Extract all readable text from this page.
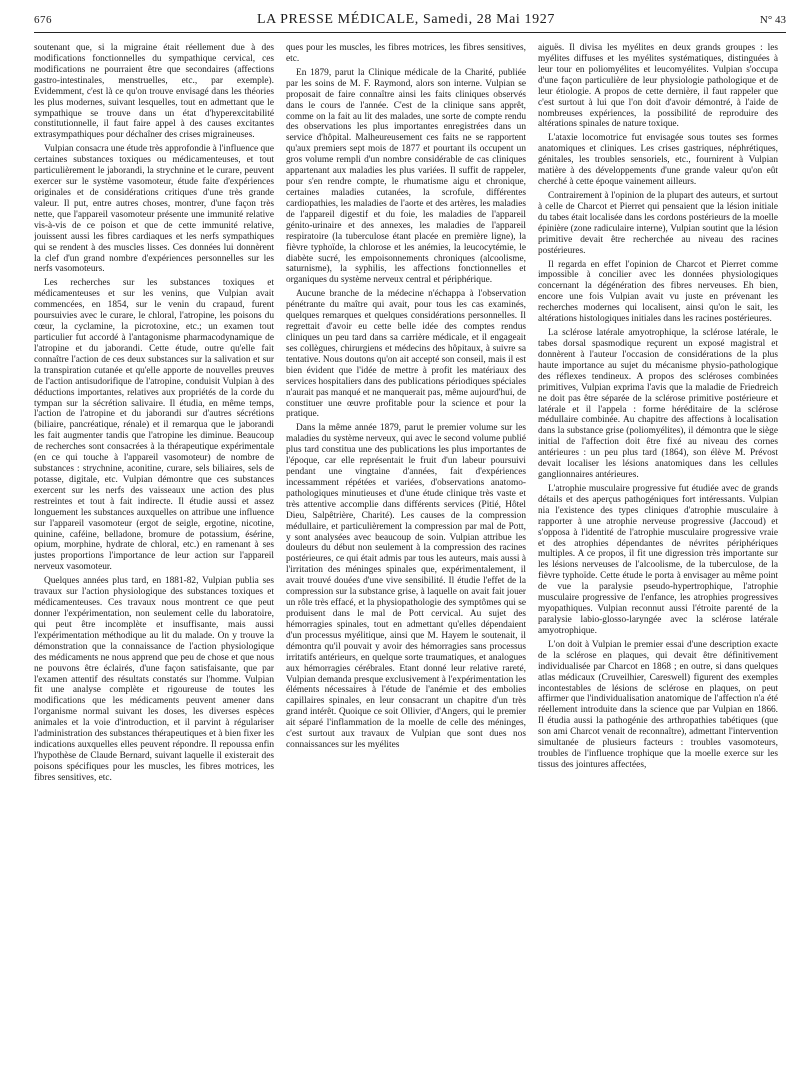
676	LA PRESSE MÉDICALE, Samedi, 28 Mai 1927	N° 43

soutenant que, si la migraine était réellement due à des modifications fonctionnelles du sympathique cervical, ces modifications ne pourraient être que secondaires (affections gastro-intestinales, menstruelles, etc., par exemple). Evidemment, c'est là ce qu'on trouve envisagé dans les théories les plus modernes, suivant lesquelles, tout en admettant que le sympathique se trouve dans un état d'hyperexcitabilité constitutionnelle, il faut faire appel à des causes excitantes extrasympathiques pour déchaîner des crises migraineuses.

Vulpian consacra une étude très approfondie à l'influence que certaines substances toxiques ou médicamenteuses, et tout particulièrement le jaborandi, la strychnine et le curare, peuvent exercer sur le système vasomoteur, étude faite d'expériences originales et de considérations critiques d'une très grande valeur. Il put, entre autres choses, montrer, d'une façon très nette, que l'appareil vasomoteur présente une immunité relative vis-à-vis de ce poison et que de cette immunité relative, jouissent aussi les fibres cardiaques et les nerfs sympathiques qui se rendent à des muscles lisses. Ces données lui donnèrent la clef d'un grand nombre d'expériences personnelles sur les nerfs vasomoteurs.

Les recherches sur les substances toxiques et médicamenteuses et sur les venins, que Vulpian avait commencées, en 1854, sur le venin du crapaud, furent poursuivies avec le curare, le chloral, l'atropine, les poisons du cœur, la cyclamine, la picrotoxine, etc.; un examen tout particulier fut accordé à l'antagonisme pharmacodynamique de l'atropine et du jaborandi. Cette étude, outre qu'elle fait connaître l'action de ces deux substances sur la salivation et sur la transpiration cutanée et qu'elle apporte de nouvelles preuves de l'action antisudorifique de l'atropine, conduisit Vulpian à des déductions importantes, relatives aux propriétés de la corde du tympan sur la sécrétion salivaire. Il étudia, en même temps, l'action de l'atropine et du jaborandi sur d'autres sécrétions (biliaire, pancréatique, rénale) et il remarqua que le jaborandi les fait augmenter tandis que l'atropine les diminue. Beaucoup de recherches sont consacrées à la thérapeutique expérimentale (en ce qui touche à l'appareil vasomoteur) de nombre de substances : strychnine, aconitine, curare, sels biliaires, sels de potasse, digitale, etc. Vulpian démontre que ces substances exercent sur les nerfs des vaisseaux une action des plus restreintes et tout à fait indirecte. Il étudie aussi et assez longuement les substances auxquelles on attribue une influence sur l'appareil vasomoteur (ergot de seigle, ergotine, nicotine, quinine, caféine, belladone, bromure de potassium, ésérine, opium, morphine, hydrate de chloral, etc.) en ramenant à ses justes proportions l'importance de leur action sur l'appareil nerveux vasomoteur.

Quelques années plus tard, en 1881-82, Vulpian publia ses travaux sur l'action physiologique des substances toxiques et médicamenteuses. Ces travaux nous montrent ce que peut donner l'expérimentation, non seulement celle du laboratoire, qui peut être incomplète et insuffisante, mais aussi l'expérimentation méthodique au lit du malade. On y trouve la démonstration que la connaissance de l'action physiologique des médicaments ne nous apprend que peu de chose et que nous ne pouvons être éclairés, d'une façon satisfaisante, que par l'examen attentif des résultats constatés sur l'homme. Vulpian fit une analyse complète et rigoureuse de toutes les modifications que les médicaments peuvent amener dans l'organisme normal suivant les doses, les diverses espèces animales et la voie d'introduction, et il parvint à régulariser l'administration des substances thérapeutiques et à bien fixer les indications auxquelles elles peuvent répondre. Il repoussa enfin l'hypothèse de Claude Bernard, suivant laquelle il existerait des poisons spécifiques pour les muscles, les fibres motrices, les fibres sensitives, etc.

ques pour les muscles, les fibres motrices, les fibres sensitives, etc.

En 1879, parut la Clinique médicale de la Charité, publiée par les soins de M. F. Raymond, alors son interne. Vulpian se proposait de faire connaître ainsi les faits cliniques observés dans le cours de l'année. C'est de la clinique sans apprêt, comme on la fait au lit des malades, une sorte de compte rendu des observations les plus importantes enregistrées dans un service d'hôpital. Malheureusement ces faits ne se rapportent qu'aux premiers sept mois de 1877 et pourtant ils occupent un gros volume rempli d'un nombre considérable de cas cliniques appartenant aux maladies les plus variées. Il suffit de rappeler, pour s'en rendre compte, le rhumatisme aigu et chronique, certaines maladies cutanées, la scrofule, différentes cardiopathies, les maladies de l'aorte et des artères, les maladies de l'appareil digestif et du foie, les maladies de l'appareil génito-urinaire et des annexes, les maladies de l'appareil respiratoire (la tuberculose étant placée en première ligne), la fièvre typhoïde, la chlorose et les anémies, la leucocytémie, le diabète sucré, les empoisonnements chroniques (alcoolisme, saturnisme), la syphilis, les affections fonctionnelles et organiques du système nerveux central et périphérique.

Aucune branche de la médecine n'échappa à l'observation pénétrante du maître qui avait, pour tous les cas examinés, quelques remarques et quelques considérations personnelles. Il regrettait d'avoir eu cette belle idée des comptes rendus cliniques un peu tard dans sa carrière médicale, et il engageait ses collègues, chirurgiens et médecins des hôpitaux, à suivre sa tentative. Nous doutons qu'on ait accepté son conseil, mais il est bien évident que l'idée de mettre à profit les matériaux des services hospitaliers dans des publications périodiques spéciales n'aurait pas manqué et ne manquerait pas, même aujourd'hui, de constituer une œuvre profitable pour la science et pour la pratique.

Dans la même année 1879, parut le premier volume sur les maladies du système nerveux, qui avec le second volume publié plus tard constitua une des publications les plus importantes de l'époque, car elle représentait le fruit d'un labeur poursuivi pendant une vingtaine d'années, fait d'expériences incessamment répétées et variées, d'observations anatomo-pathologiques minutieuses et d'une étude clinique très vaste et très attentive accomplie dans différents services (Pitié, Hôtel Dieu, Salpêtrière, Charité). Les causes de la compression médullaire, et particulièrement la compression par mal de Pott, y sont analysées avec beaucoup de soin. Vulpian attribue les douleurs du début non seulement à la compression des racines postérieures, ce qui était admis par tous les auteurs, mais aussi à l'irritation des méninges spinales que, expérimentalement, il avait trouvé douées d'une vive sensibilité. Il étudie l'effet de la compression sur la substance grise, à laquelle on avait fait jouer un rôle très effacé, et la physiopathologie des symptômes qui se produisent dans le mal de Pott cervical. Au sujet des hémorragies spinales, tout en admettant qu'elles dépendaient d'un processus myélitique, ainsi que M. Hayem le soutenait, il démontra qu'il pouvait y avoir des hémorragies sans processus irritatifs antérieurs, en quelque sorte traumatiques, et analogues aux hémorragies cérébrales. Etant donné leur relative rareté, Vulpian demanda presque exclusivement à l'expérimentation les éléments nécessaires à l'étude de l'anémie et des embolies capillaires spinales, en leur consacrant un chapitre d'un très grand intérêt. Quoique ce soit Ollivier, d'Angers, qui le premier ait séparé l'inflammation de la moelle de celle des méninges, c'est surtout aux travaux de Vulpian que sont dues nos connaissances sur les myélites

aiguës. Il divisa les myélites en deux grands groupes : les myélites diffuses et les myélites systématiques, distinguées à leur tour en poliomyélites et leucomyélites. Vulpian s'occupa d'une façon particulière de leur physiologie pathologique et de leur étiologie. A propos de cette dernière, il faut rappeler que c'est surtout à lui que l'on doit d'avoir démontré, à l'aide de nombreuses expériences, la possibilité de reproduire des altérations spinales de nature toxique.

L'ataxie locomotrice fut envisagée sous toutes ses formes anatomiques et cliniques. Les crises gastriques, néphrétiques, génitales, les troubles sensoriels, etc., fournirent à Vulpian matière à des développements d'une grande valeur qu'on eût cherché à cette époque vainement ailleurs.

Contrairement à l'opinion de la plupart des auteurs, et surtout à celle de Charcot et Pierret qui pensaient que la lésion initiale du tabes était localisée dans les cordons postérieurs de la moelle épinière (zone radiculaire interne), Vulpian soutint que la lésion primitive devait être recherchée au niveau des racines postérieures.

Il regarda en effet l'opinion de Charcot et Pierret comme impossible à concilier avec les données physiologiques concernant la dégénération des fibres nerveuses. Eh bien, encore une fois Vulpian avait vu juste en prévenant les recherches modernes qui localisent, ainsi qu'on le sait, les altérations histologiques initiales dans les racines postérieures.

La sclérose latérale amyotrophique, la sclérose latérale, le tabes dorsal spasmodique reçurent un exposé magistral et donnèrent à l'auteur l'occasion de considérations de la plus haute importance au sujet du mécanisme physio-pathologique des réflexes tendineux. A propos des scléroses combinées primitives, Vulpian exprima l'avis que la maladie de Friedreich ne doit pas être séparée de la sclérose primitive postérieure et latérale et il l'appela : forme héréditaire de la sclérose médullaire combinée. Au chapitre des affections à localisation dans la substance grise (poliomyélites), il démontra que le siège initial de l'affection doit être fixé au niveau des cornes antérieures : un peu plus tard (1864), son élève M. Prévost devait localiser les lésions anatomiques dans les cellules ganglionnaires antérieures.

L'atrophie musculaire progressive fut étudiée avec de grands détails et des aperçus pathogéniques fort intéressants. Vulpian nia l'existence des types cliniques d'atrophie musculaire à rapporter à une atrophie nerveuse progressive (Jaccoud) et s'opposa à l'identité de l'atrophie musculaire progressive vraie et des atrophies dépendantes de névrites périphériques multiples. A ce propos, il fit une digression très importante sur les lésions nerveuses de l'alcoolisme, de la tuberculose, de la fièvre typhoïde. Cette étude le porta à envisager au même point de vue la paralysie pseudo-hypertrophique, l'atrophie musculaire progressive de l'enfance, les atrophies progressives myopathiques. Vulpian reconnut aussi l'étroite parenté de la paralysie labio-glosso-laryngée avec la sclérose latérale amyotrophique.

L'on doit à Vulpian le premier essai d'une description exacte de la sclérose en plaques, qui devait être définitivement individualisée par Charcot en 1868 ; en outre, si dans quelques atlas médicaux (Cruveilhier, Careswell) figurent des exemples incontestables de lésions de sclérose en plaques, on peut affirmer que l'individualisation anatomique de l'affection n'a été réellement introduite dans la science que par Vulpian en 1866. Il étudia aussi la pathogénie des arthropathies tabétiques (que son ami Charcot venait de reconnaître), admettant l'intervention simultanée de plusieurs facteurs : troubles vasomoteurs, troubles de l'influence trophique que la moelle exerce sur les tissus des jointures affectées,
